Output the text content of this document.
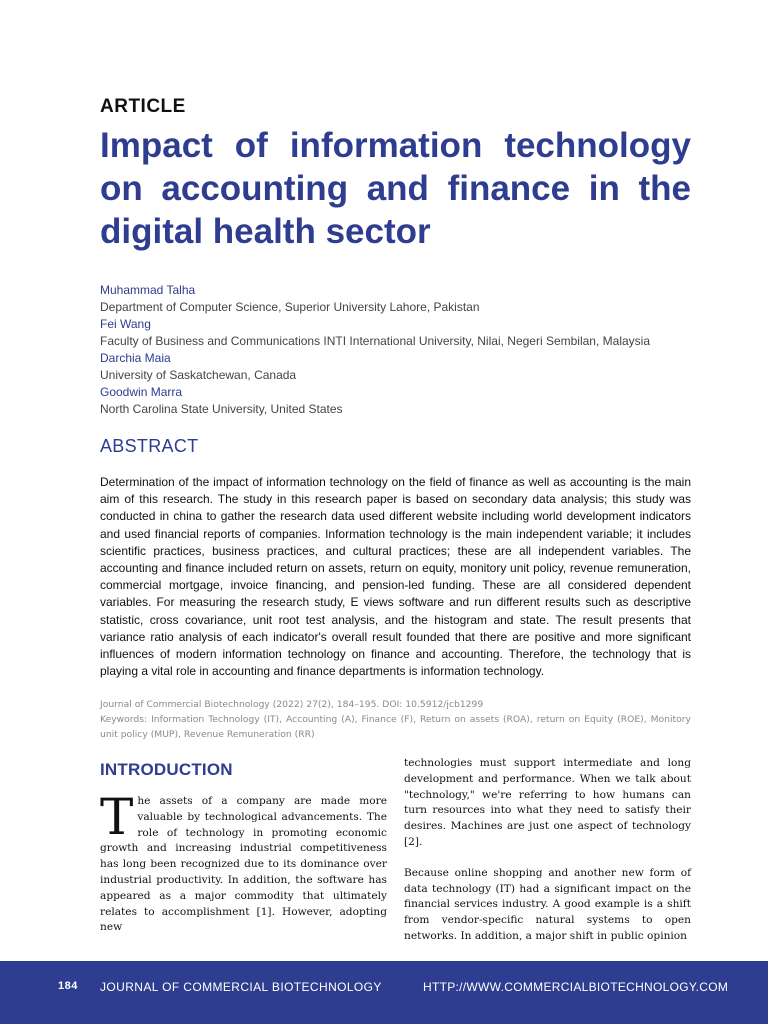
ARTICLE
Impact of information technology on accounting and finance in the digital health sector
Muhammad Talha
Department of Computer Science, Superior University Lahore, Pakistan
Fei Wang
Faculty of Business and Communications INTI International University, Nilai, Negeri Sembilan, Malaysia
Darchia Maia
University of Saskatchewan, Canada
Goodwin Marra
North Carolina State University, United States
ABSTRACT

Determination of the impact of information technology on the field of finance as well as accounting is the main aim of this research. The study in this research paper is based on secondary data analysis; this study was conducted in china to gather the research data used different website including world development indicators and used financial reports of companies. Information technology is the main independent variable; it includes scientific practices, business practices, and cultural practices; these are all independent variables. The accounting and finance included return on assets, return on equity, monitory unit policy, revenue remuneration, commercial mortgage, invoice financing, and pension-led funding. These are all considered dependent variables. For measuring the research study, E views software and run different results such as descriptive statistic, cross covariance, unit root test analysis, and the histogram and state. The result presents that variance ratio analysis of each indicator's overall result founded that there are positive and more significant influences of modern information technology on finance and accounting. Therefore, the technology that is playing a vital role in accounting and finance departments is information technology.

Journal of Commercial Biotechnology (2022) 27(2), 184–195. DOI: 10.5912/jcb1299
Keywords: Information Technology (IT), Accounting (A), Finance (F), Return on assets (ROA), return on Equity (ROE), Monitory unit policy (MUP), Revenue Remuneration (RR)
INTRODUCTION

The assets of a company are made more valuable by technological advancements. The role of technology in promoting economic growth and increasing industrial competitiveness has long been recognized due to its dominance over industrial productivity. In addition, the software has appeared as a major commodity that ultimately relates to accomplishment [1]. However, adopting new

technologies must support intermediate and long development and performance. When we talk about "technology," we're referring to how humans can turn resources into what they need to satisfy their desires. Machines are just one aspect of technology [2].

Because online shopping and another new form of data technology (IT) had a significant impact on the financial services industry. A good example is a shift from vendor-specific natural systems to open networks. In addition, a major shift in public opinion

184 JOURNAL OF COMMERCIAL BIOTECHNOLOGY	HTTP://WWW.COMMERCIALBIOTECHNOLOGY.COM
